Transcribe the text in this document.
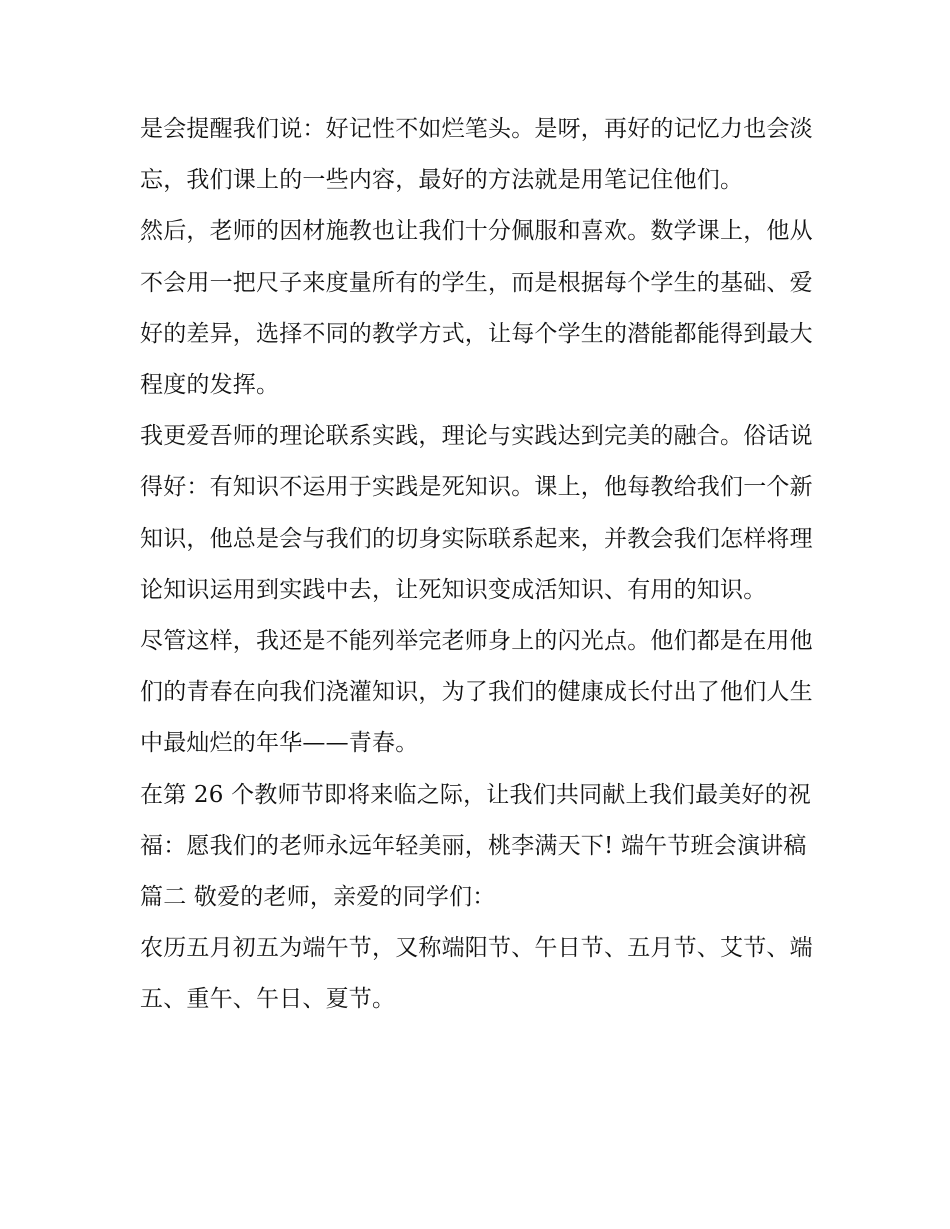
是会提醒我们说：好记性不如烂笔头。是呀，再好的记忆力也会淡忘，我们课上的一些内容，最好的方法就是用笔记住他们。

然后，老师的因材施教也让我们十分佩服和喜欢。数学课上，他从不会用一把尺子来度量所有的学生，而是根据每个学生的基础、爱好的差异，选择不同的教学方式，让每个学生的潜能都能得到最大程度的发挥。

我更爱吾师的理论联系实践，理论与实践达到完美的融合。俗话说得好：有知识不运用于实践是死知识。课上，他每教给我们一个新知识，他总是会与我们的切身实际联系起来，并教会我们怎样将理论知识运用到实践中去，让死知识变成活知识、有用的知识。

尽管这样，我还是不能列举完老师身上的闪光点。他们都是在用他们的青春在向我们浇灌知识，为了我们的健康成长付出了他们人生中最灿烂的年华——青春。

在第 26 个教师节即将来临之际，让我们共同献上我们最美好的祝福：愿我们的老师永远年轻美丽，桃李满天下! 端午节班会演讲稿篇二 敬爱的老师，亲爱的同学们：

农历五月初五为端午节，又称端阳节、午日节、五月节、艾节、端五、重午、午日、夏节。
